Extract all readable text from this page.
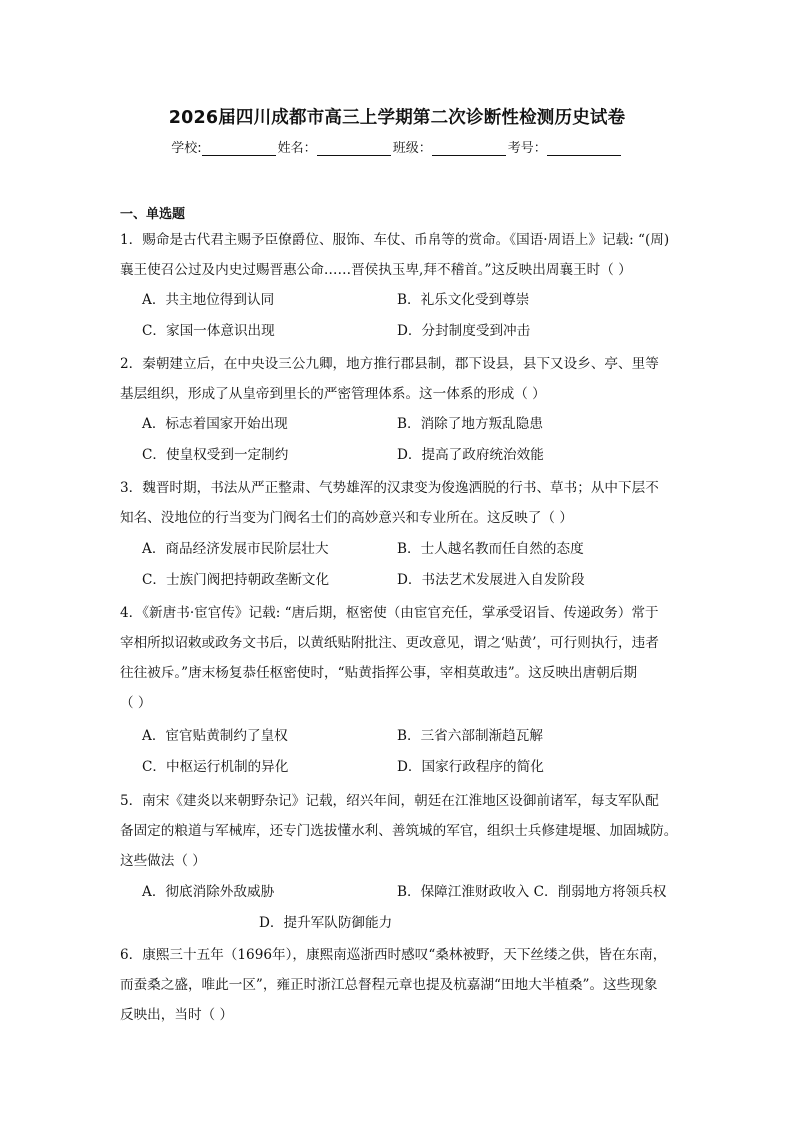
2026届四川成都市高三上学期第二次诊断性检测历史试卷
学校:	姓名：	班级：	考号：
一、单选题
1．赐命是古代君主赐予臣僚爵位、服饰、车仗、币帛等的赏命。《国语·周语上》记载: “(周)
襄王使召公过及内史过赐晋惠公命……晋侯执玉卑,拜不稽首。”这反映出周襄王时（ ）
A．共主地位得到认同	B．礼乐文化受到尊崇
C．家国一体意识出现	D．分封制度受到冲击
2．秦朝建立后，在中央设三公九卿，地方推行郡县制，郡下设县，县下又设乡、亭、里等
基层组织，形成了从皇帝到里长的严密管理体系。这一体系的形成（ ）
A．标志着国家开始出现	B．消除了地方叛乱隐患
C．使皇权受到一定制约	D．提高了政府统治效能
3．魏晋时期，书法从严正整肃、气势雄浑的汉隶变为俊逸洒脱的行书、草书；从中下层不
知名、没地位的行当变为门阀名士们的高妙意兴和专业所在。这反映了（ ）
A．商品经济发展市民阶层壮大	B．士人越名教而任自然的态度
C．士族门阀把持朝政垄断文化	D．书法艺术发展进入自发阶段
4．《新唐书·宦官传》记载: “唐后期，枢密使（由宦官充任，掌承受诏旨、传递政务）常于
宰相所拟诏敕或政务文书后，以黄纸贴附批注、更改意见，谓之‘贴黄’，可行则执行，违者
往往被斥。”唐末杨复恭任枢密使时，“贴黄指挥公事，宰相莫敢违”。这反映出唐朝后期
（ ）
A．宦官贴黄制约了皇权	B．三省六部制渐趋瓦解
C．中枢运行机制的异化	D．国家行政程序的简化
5．南宋《建炎以来朝野杂记》记载，绍兴年间，朝廷在江淮地区设御前诸军，每支军队配
备固定的粮道与军械库，还专门选拔懂水利、善筑城的军官，组织士兵修建堤堰、加固城防。
这些做法（ ）
A．彻底消除外敌威胁	B．保障江淮财政收入 C．削弱地方将领兵权
D．提升军队防御能力
6．康熙三十五年（1696年），康熙南巡浙西时感叹“桑林被野，天下丝缕之供，皆在东南，
而蚕桑之盛，唯此一区”，雍正时浙江总督程元章也提及杭嘉湖“田地大半植桑”。这些现象
反映出，当时（ ）
